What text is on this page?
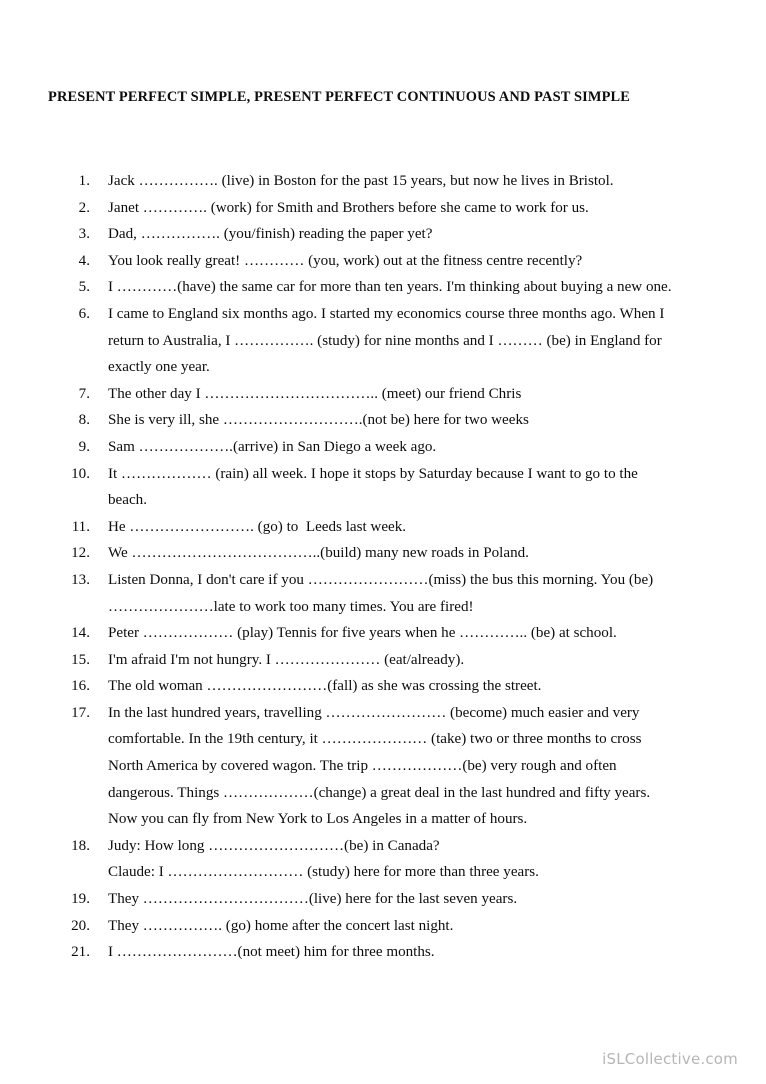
PRESENT PERFECT SIMPLE, PRESENT PERFECT CONTINUOUS AND PAST SIMPLE
1. Jack ……………. (live) in Boston for the past 15 years, but now he lives in Bristol.
2. Janet …………. (work) for Smith and Brothers before she came to work for us.
3. Dad, ……………. (you/finish) reading the paper yet?
4. You look really great! ………… (you, work) out at the fitness centre recently?
5. I …………(have) the same car for more than ten years. I'm thinking about buying a new one.
6. I came to England six months ago. I started my economics course three months ago. When I
return to Australia, I ……………. (study) for nine months and I ……… (be) in England for
exactly one year.
7. The other day I …………………………….. (meet) our friend Chris
8. She is very ill, she ……………………….(not be) here for two weeks
9. Sam ……………….(arrive) in San Diego a week ago.
10. It ……………… (rain) all week. I hope it stops by Saturday because I want to go to the
beach.
11. He ……………………. (go) to  Leeds last week.
12. We ………………………………..(build) many new roads in Poland.
13. Listen Donna, I don't care if you ……………………(miss) the bus this morning. You (be)
…………………late to work too many times. You are fired!
14. Peter ……………… (play) Tennis for five years when he ………….. (be) at school.
15. I'm afraid I'm not hungry. I ………………… (eat/already).
16. The old woman ……………………(fall) as she was crossing the street.
17. In the last hundred years, travelling …………………… (become) much easier and very
comfortable. In the 19th century, it ………………… (take) two or three months to cross
North America by covered wagon. The trip ………………(be) very rough and often
dangerous. Things ………………(change) a great deal in the last hundred and fifty years.
Now you can fly from New York to Los Angeles in a matter of hours.
18. Judy: How long ………………………(be) in Canada?
Claude: I ……………………… (study) here for more than three years.
19. They ……………………………(live) here for the last seven years.
20. They ……………. (go) home after the concert last night.
21. I ……………………(not meet) him for three months.
iSLCollective.com
